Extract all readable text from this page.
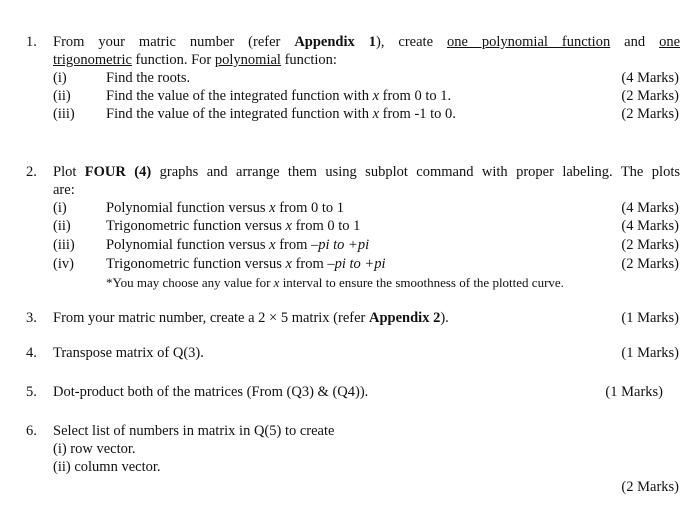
1. From your matric number (refer Appendix 1), create one polynomial function and one
trigonometric function. For polynomial function:
(i)	Find the roots.	(4 Marks)
(ii) Find the value of the integrated function with x from 0 to 1.	(2 Marks)
(iii) Find the value of the integrated function with x from -1 to 0.	(2 Marks)
2. Plot FOUR (4) graphs and arrange them using subplot command with proper labeling. The plots
are:
(i)	Polynomial function versus x from 0 to 1	(4 Marks)
(ii) Trigonometric function versus x from 0 to 1	(4 Marks)
(iii) Polynomial function versus x from –pi to +pi	(2 Marks)
(iv) Trigonometric function versus x from –pi to +pi	(2 Marks)
*You may choose any value for x interval to ensure the smoothness of the plotted curve.
3. From your matric number, create a 2 × 5 matrix (refer Appendix 2).	(1 Marks)
4. Transpose matrix of Q(3).	(1 Marks)
5. Dot-product both of the matrices (From (Q3) & (Q4)).	(1 Marks)
6. Select list of numbers in matrix in Q(5) to create
(i) row vector.
(ii) column vector.
(2 Marks)
